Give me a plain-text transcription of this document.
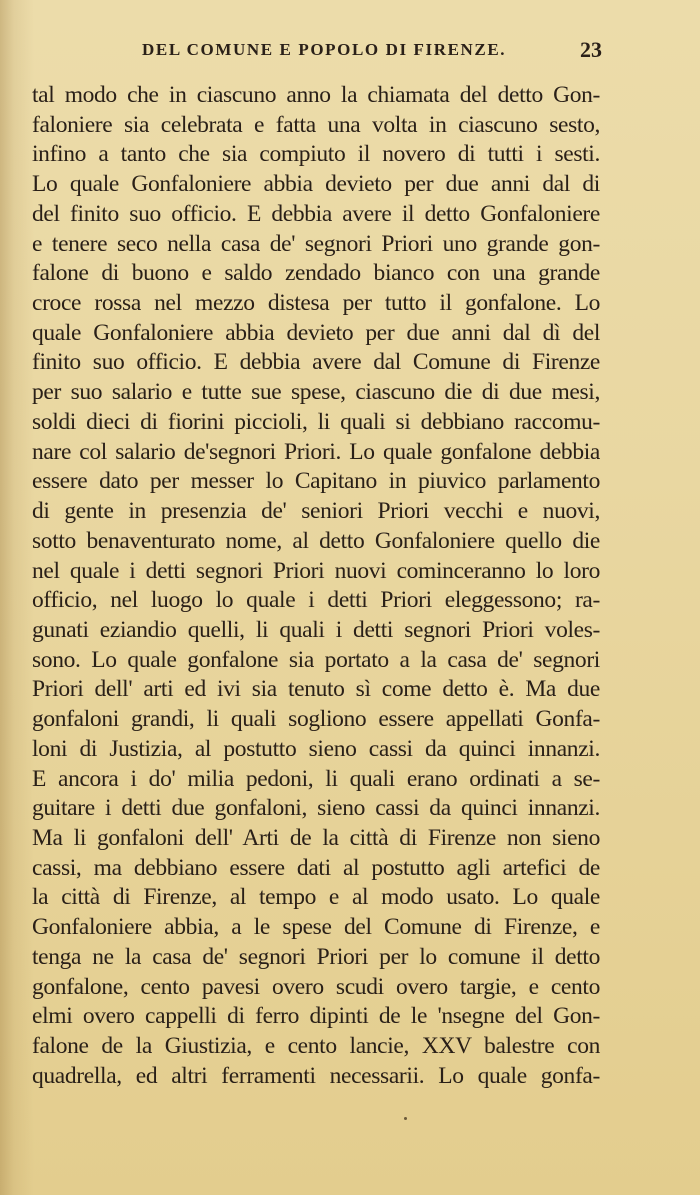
DEL COMUNE E POPOLO DI FIRENZE.	23
tal modo che in ciascuno anno la chiamata del detto Gon-
faloniere sia celebrata e fatta una volta in ciascuno sesto,
infino a tanto che sia compiuto il novero di tutti i sesti.
Lo quale Gonfaloniere abbia devieto per due anni dal di
del finito suo officio. E debbia avere il detto Gonfaloniere
e tenere seco nella casa de' segnori Priori uno grande gon-
falone di buono e saldo zendado bianco con una grande
croce rossa nel mezzo distesa per tutto il gonfalone. Lo
quale Gonfaloniere abbia devieto per due anni dal dì del
finito suo officio. E debbia avere dal Comune di Firenze
per suo salario e tutte sue spese, ciascuno die di due mesi,
soldi dieci di fiorini piccioli, li quali si debbiano raccomu-
nare col salario de'segnori Priori. Lo quale gonfalone debbia
essere dato per messer lo Capitano in piuvico parlamento
di gente in presenzia de' seniori Priori vecchi e nuovi,
sotto benaventurato nome, al detto Gonfaloniere quello die
nel quale i detti segnori Priori nuovi cominceranno lo loro
officio, nel luogo lo quale i detti Priori eleggessono; ra-
gunati eziandio quelli, li quali i detti segnori Priori voles-
sono. Lo quale gonfalone sia portato a la casa de' segnori
Priori dell' arti ed ivi sia tenuto sì come detto è. Ma due
gonfaloni grandi, li quali sogliono essere appellati Gonfa-
loni di Justizia, al postutto sieno cassi da quinci innanzi.
E ancora i do' milia pedoni, li quali erano ordinati a se-
guitare i detti due gonfaloni, sieno cassi da quinci innanzi.
Ma li gonfaloni dell' Arti de la città di Firenze non sieno
cassi, ma debbiano essere dati al postutto agli artefici de
la città di Firenze, al tempo e al modo usato. Lo quale
Gonfaloniere abbia, a le spese del Comune di Firenze, e
tenga ne la casa de' segnori Priori per lo comune il detto
gonfalone, cento pavesi overo scudi overo targie, e cento
elmi overo cappelli di ferro dipinti de le 'nsegne del Gon-
falone de la Giustizia, e cento lancie, XXV balestre con
quadrella, ed altri ferramenti necessarii. Lo quale gonfa-
